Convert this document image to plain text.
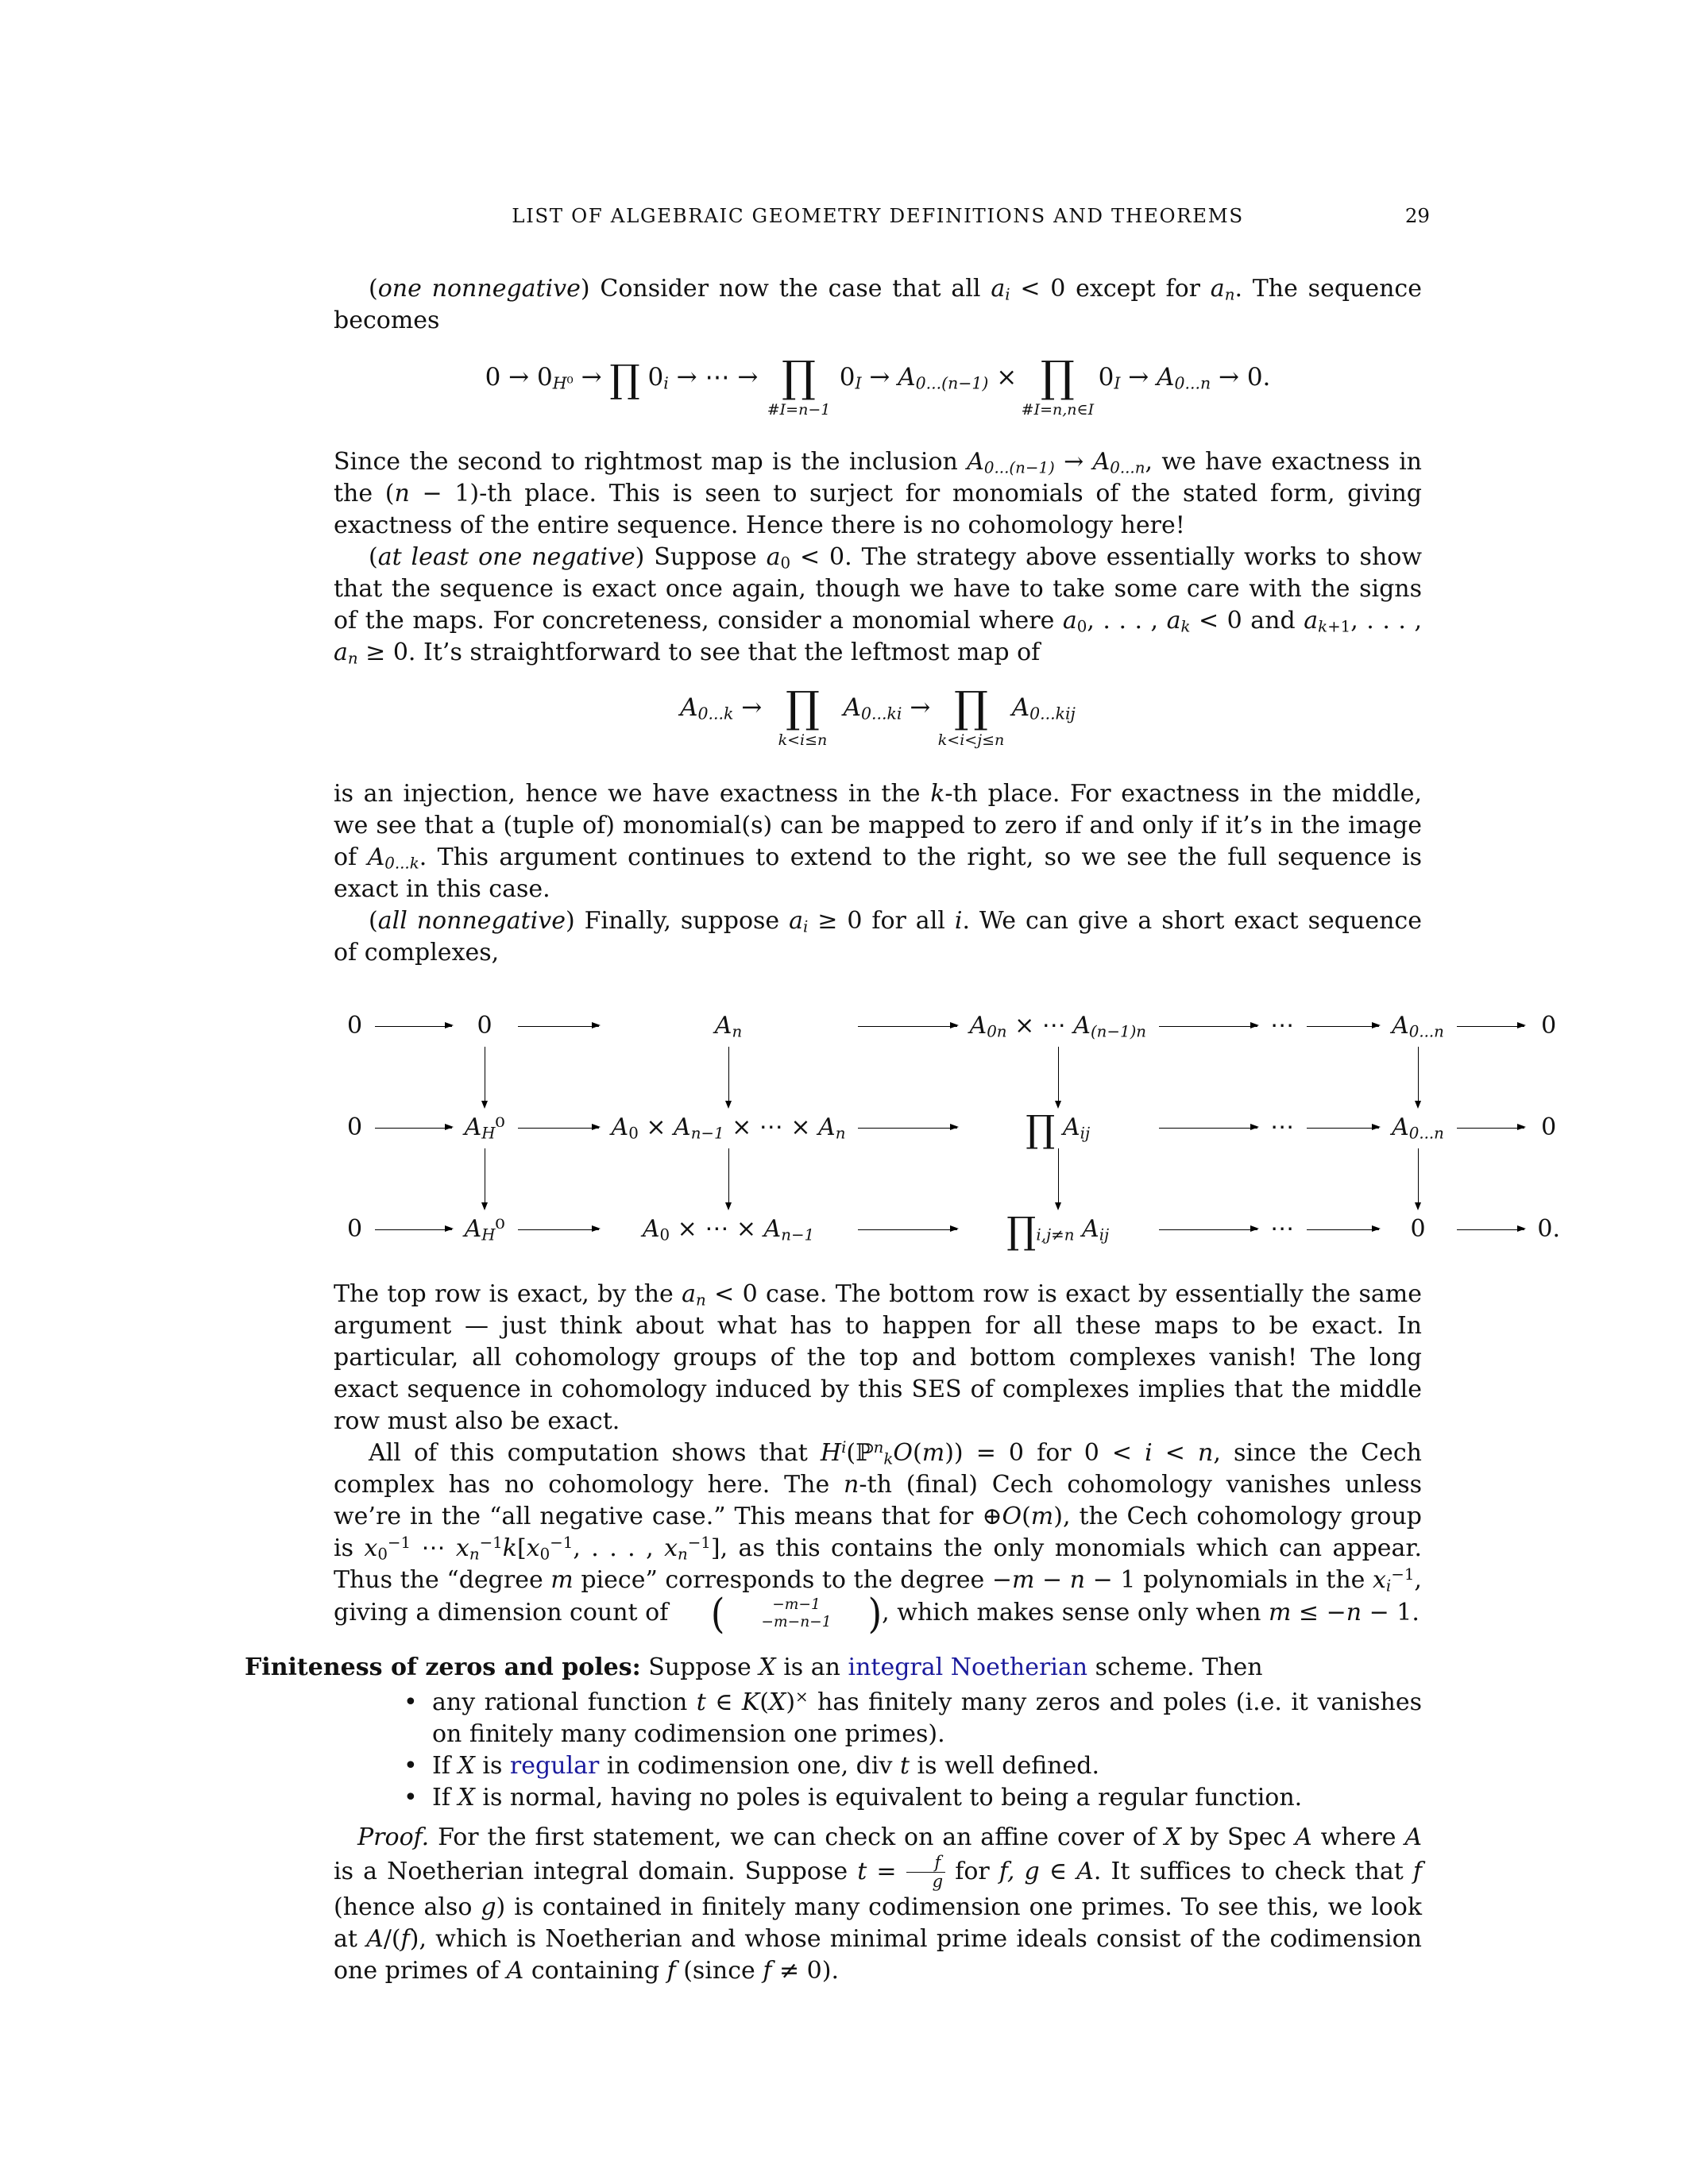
LIST OF ALGEBRAIC GEOMETRY DEFINITIONS AND THEOREMS	29

(one nonnegative) Consider now the case that all $a_i < 0$ except for $a_n$. The sequence becomes

$0 \to 0_{H^0}$ → ∏ $0_i$ → ⋯ → ∏
#I=n−1
$0_I \to A_{0...(n-1)}$ × ∏
#I=n,n∈I
$0_I \to A_{0...n} \to 0$.

Since the second to rightmost map is the inclusion $A_{0...(n-1)} \to A_{0...n}$, we have exactness in the (n − 1)-th place. This is seen to surject for monomials of the stated form, giving exactness of the entire sequence. Hence there is no cohomology here!

(at least one negative) Suppose $a_0 < 0$. The strategy above essentially works to show that the sequence is exact once again, though we have to take some care with the signs of the maps. For concreteness, consider a monomial where $a_0$, . . . , $a_k < 0$ and $a_{k+1}$, . . . , $a_n \ge 0$. It’s straightforward to see that the leftmost map of

$A_{0...k}$ → ∏
k<i≤n
$A_{0...ki}$ → ∏
k<i<j≤n
$A_{0...kij}$

is an injection, hence we have exactness in the k-th place. For exactness in the middle, we see that a (tuple of) monomial(s) can be mapped to zero if and only if it’s in the image of $A_{0...k}$. This argument continues to extend to the right, so we see the full sequence is exact in this case.

(all nonnegative) Finally, suppose $a_i \ge 0$ for all i. We can give a short exact sequence of complexes,

0	0	$A_n$	$A_{0n}$ × ⋯ $A_{(n-1)n}$	⋯	$A_{0...n}$	0
0	$A_H^0$	$A_0 \times A_{n-1}$ × ⋯ × $A_n$	∏ $A_{ij}$	⋯	$A_{0...n}$	0
0	$A_H^0$	$A_0$ × ⋯ × $A_{n-1}$	$\prod_{i,j\ne n}$ $A_{ij}$	⋯	0	0.

The top row is exact, by the $a_n < 0$ case. The bottom row is exact by essentially the same argument — just think about what has to happen for all these maps to be exact. In particular, all cohomology groups of the top and bottom complexes vanish! The long exact sequence in cohomology induced by this SES of complexes implies that the middle row must also be exact.

All of this computation shows that $H^i(ℙ^n_kO(m)) = 0$ for 0 < i < n, since the Cech complex has no cohomology here. The n-th (final) Cech cohomology vanishes unless we’re in the “all negative case.” This means that for ⊕O(m), the Cech cohomology group is $x_0^{-1}$ ⋯ $x_n^{-1}k[x_0^{-1}$, . . . , $x_n^{-1}$], as this contains the only monomials which can appear. Thus the “degree m piece” corresponds to the degree −m − n − 1 polynomials in the $x_i^{-1}$, giving a dimension count of (	−m−1
−m−n−1	) , which makes sense only when m ≤ −n − 1.

Finiteness of zeros and poles: Suppose X is an integral Noetherian scheme. Then
• any rational function t ∈ K(X)× has finitely many zeros and poles (i.e. it vanishes on finitely many codimension one primes).
• If X is regular in codimension one, div t is well defined.
• If X is normal, having no poles is equivalent to being a regular function.

Proof. For the first statement, we can check on an affine cover of X by Spec A where A is a Noetherian integral domain. Suppose $t = \frac{f}{g}$ for f, g ∈ A. It suffices to check that f (hence also g) is contained in finitely many codimension one primes. To see this, we look at A/(f), which is Noetherian and whose minimal prime ideals consist of the codimension one primes of A containing f (since f ≠ 0).
